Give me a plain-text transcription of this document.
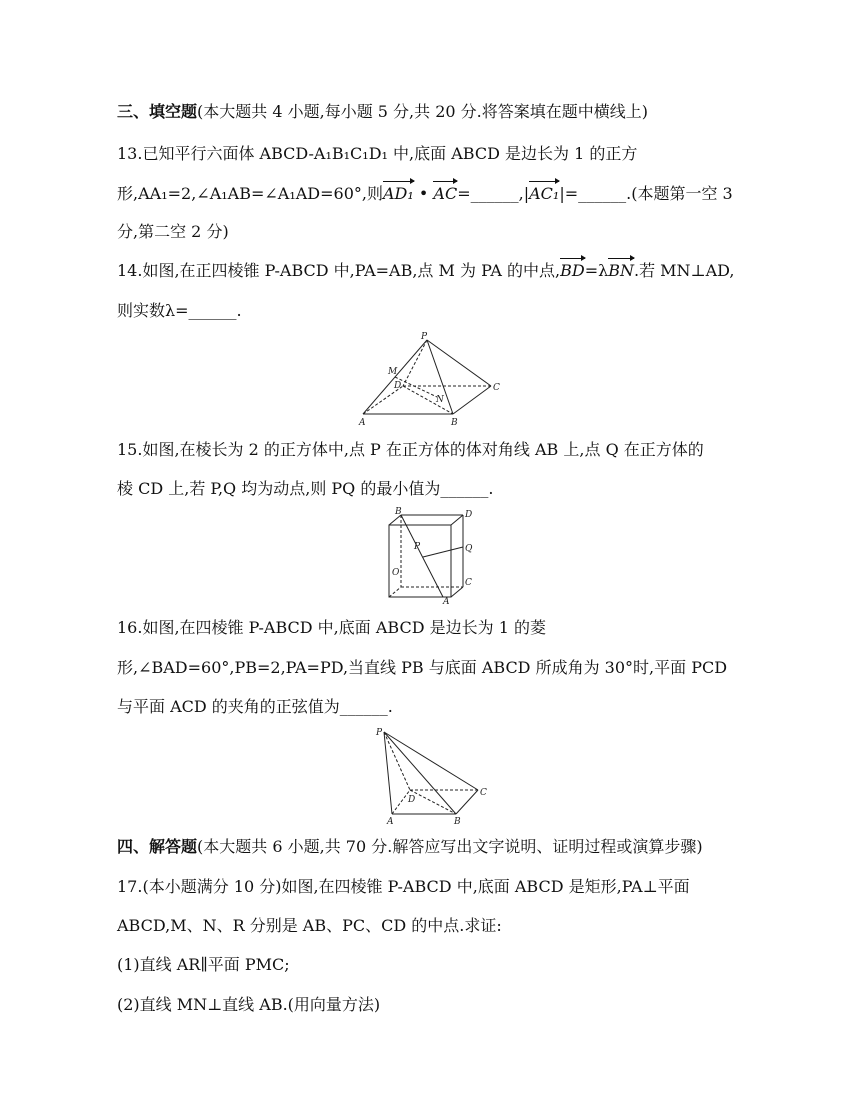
三、填空题(本大题共 4 小题,每小题 5 分,共 20 分.将答案填在题中横线上)
13.已知平行六面体 ABCD-A₁B₁C₁D₁ 中,底面 ABCD 是边长为 1 的正方
形,AA₁=2,∠A₁AB=∠A₁AD=60°,则AD₁ • AC=______,|AC₁|=______.(本题第一空 3
分,第二空 2 分)
14.如图,在正四棱锥 P-ABCD 中,PA=AB,点 M 为 PA 的中点,BD=λBN.若 MN⊥AD,
则实数λ=______.
P
M
D	C
N
A	B
15.如图,在棱长为 2 的正方体中,点 P 在正方体的体对角线 AB 上,点 Q 在正方体的
棱 CD 上,若 P,Q 均为动点,则 PQ 的最小值为______.
B	D
P	Q
O
C
A
16.如图,在四棱锥 P-ABCD 中,底面 ABCD 是边长为 1 的菱
形,∠BAD=60°,PB=2,PA=PD,当直线 PB 与底面 ABCD 所成角为 30°时,平面 PCD
与平面 ACD 的夹角的正弦值为______.
P
D
C
A	B
四、解答题(本大题共 6 小题,共 70 分.解答应写出文字说明、证明过程或演算步骤)
17.(本小题满分 10 分)如图,在四棱锥 P-ABCD 中,底面 ABCD 是矩形,PA⊥平面
ABCD,M、N、R 分别是 AB、PC、CD 的中点.求证:
(1)直线 AR∥平面 PMC;
(2)直线 MN⊥直线 AB.(用向量方法)
